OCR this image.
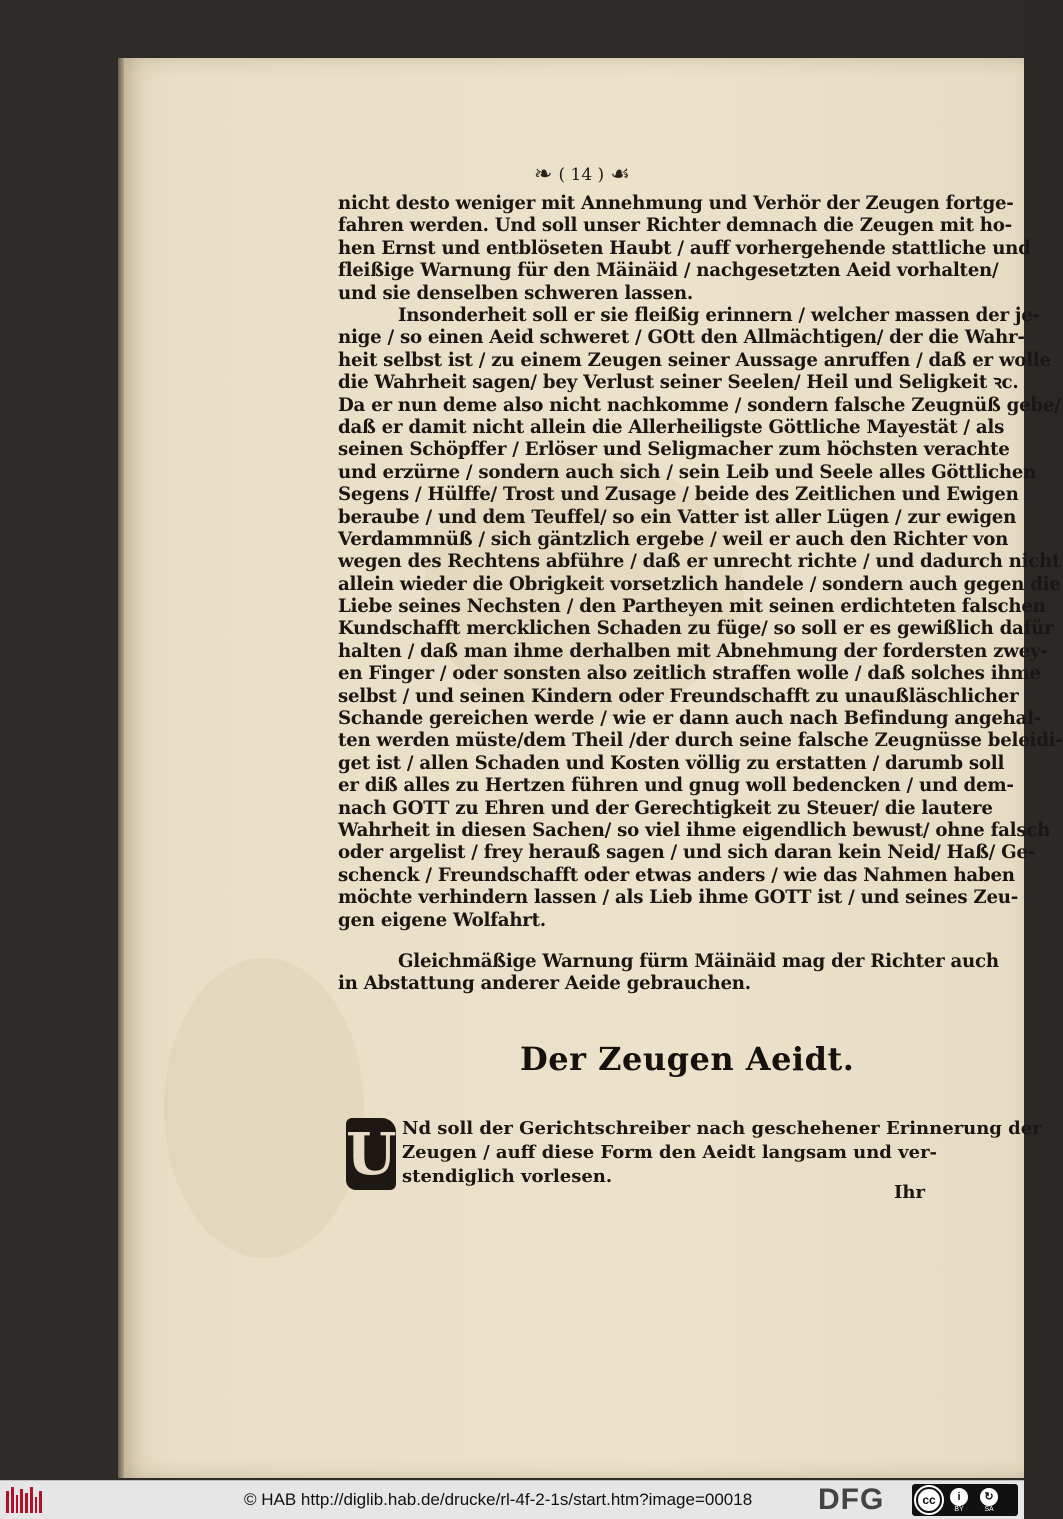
❧ ( 14 ) ☙
nicht desto weniger mit Annehmung und Verhör der Zeugen fortge-
fahren werden. Und soll unser Richter demnach die Zeugen mit ho-
hen Ernst und entblöseten Haubt / auff vorhergehende stattliche und
fleißige Warnung für den Mäinäid / nachgesetzten Aeid vorhalten/
und sie denselben schweren lassen.
Insonderheit soll er sie fleißig erinnern / welcher massen der je-
nige / so einen Aeid schweret / GOtt den Allmächtigen/ der die Wahr-
heit selbst ist / zu einem Zeugen seiner Aussage anruffen / daß er wolle
die Wahrheit sagen/ bey Verlust seiner Seelen/ Heil und Seligkeit ꝛc.
Da er nun deme also nicht nachkomme / sondern falsche Zeugnüß gebe/
daß er damit nicht allein die Allerheiligste Göttliche Mayestät / als
seinen Schöpffer / Erlöser und Seligmacher zum höchsten verachte
und erzürne / sondern auch sich / sein Leib und Seele alles Göttlichen
Segens / Hülffe/ Trost und Zusage / beide des Zeitlichen und Ewigen
beraube / und dem Teuffel/ so ein Vatter ist aller Lügen / zur ewigen
Verdammnüß / sich gäntzlich ergebe / weil er auch den Richter von
wegen des Rechtens abführe / daß er unrecht richte / und dadurch nicht
allein wieder die Obrigkeit vorsetzlich handele / sondern auch gegen die
Liebe seines Nechsten / den Partheyen mit seinen erdichteten falschen
Kundschafft mercklichen Schaden zu füge/ so soll er es gewißlich dafür
halten / daß man ihme derhalben mit Abnehmung der fordersten zwey-
en Finger / oder sonsten also zeitlich straffen wolle / daß solches ihme
selbst / und seinen Kindern oder Freundschafft zu unaußläschlicher
Schande gereichen werde / wie er dann auch nach Befindung angehal-
ten werden müste/dem Theil /der durch seine falsche Zeugnüsse beleidi-
get ist / allen Schaden und Kosten völlig zu erstatten / darumb soll
er diß alles zu Hertzen führen und gnug woll bedencken / und dem-
nach GOTT zu Ehren und der Gerechtigkeit zu Steuer/ die lautere
Wahrheit in diesen Sachen/ so viel ihme eigendlich bewust/ ohne falsch
oder argelist / frey herauß sagen / und sich daran kein Neid/ Haß/ Ge-
schenck / Freundschafft oder etwas anders / wie das Nahmen haben
möchte verhindern lassen / als Lieb ihme GOTT ist / und seines Zeu-
gen eigene Wolfahrt.
Gleichmäßige Warnung fürm Mäinäid mag der Richter auch
in Abstattung anderer Aeide gebrauchen.
Der Zeugen Aeidt.
U Nd soll der Gerichtschreiber nach geschehener Erinnerung der
Zeugen / auff diese Form den Aeidt langsam und ver-
stendiglich vorlesen.
Ihr
© HAB http://diglib.hab.de/drucke/rl-4f-2-1s/start.htm?image=00018 DFG	cc	i
BY
↻
SA
